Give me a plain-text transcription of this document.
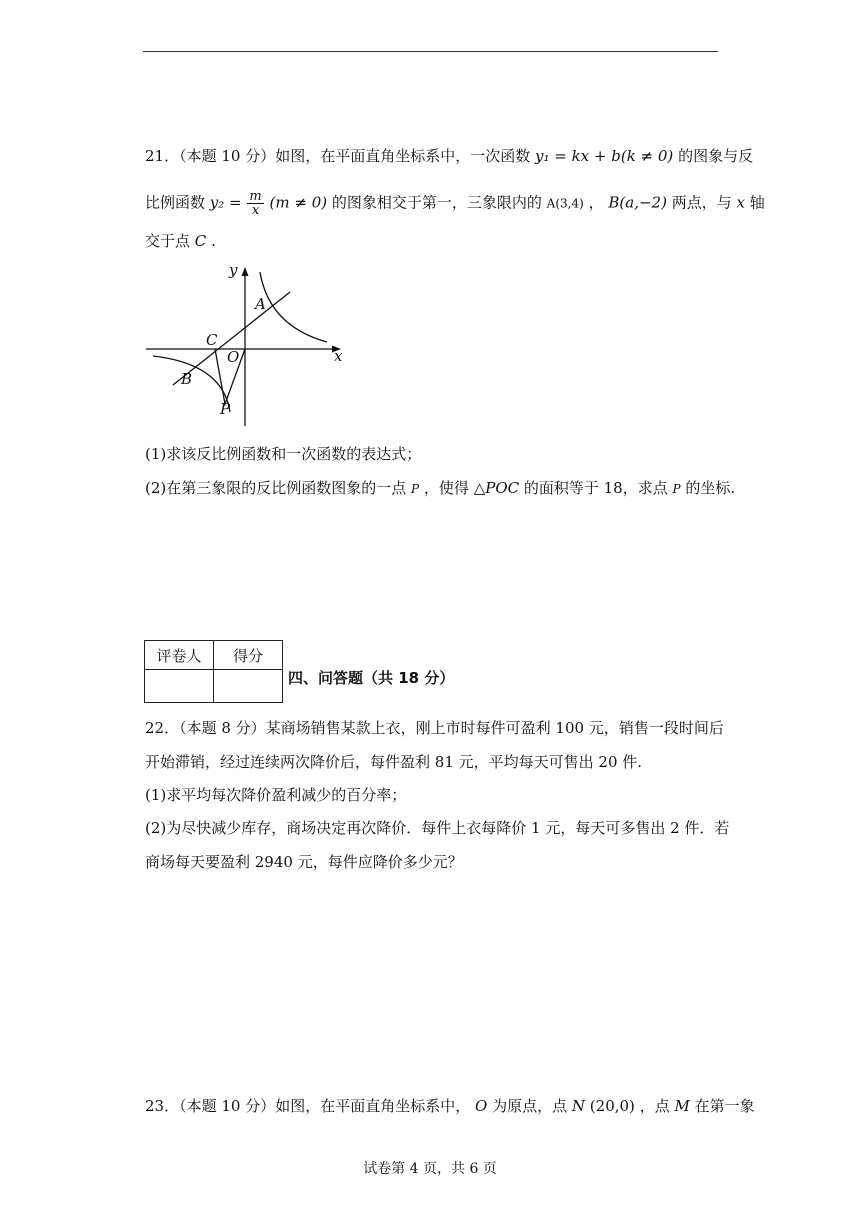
21．（本题 10 分）如图，在平面直角坐标系中，一次函数 y₁ = kx + b(k ≠ 0) 的图象与反
比例函数 $y_2 = \frac{m}{x} (m \ne 0)$ 的图象相交于第一，三象限内的 A(3,4) ， B(a,−2) 两点，与 x 轴
交于点 C .
y
x
A
C
O
B
P
(1)求该反比例函数和一次函数的表达式；
(2)在第三象限的反比例函数图象的一点 P ，使得 △POC 的面积等于 18，求点 P 的坐标.
评卷人	得分

四、问答题（共 18 分）
22．（本题 8 分）某商场销售某款上衣，刚上市时每件可盈利 100 元，销售一段时间后
开始滞销，经过连续两次降价后，每件盈利 81 元，平均每天可售出 20 件.
(1)求平均每次降价盈利减少的百分率；
(2)为尽快减少库存，商场决定再次降价．每件上衣每降价 1 元，每天可多售出 2 件．若
商场每天要盈利 2940 元，每件应降价多少元？
23．（本题 10 分）如图，在平面直角坐标系中， O 为原点，点 N (20,0) ，点 M 在第一象
试卷第 4 页，共 6 页
